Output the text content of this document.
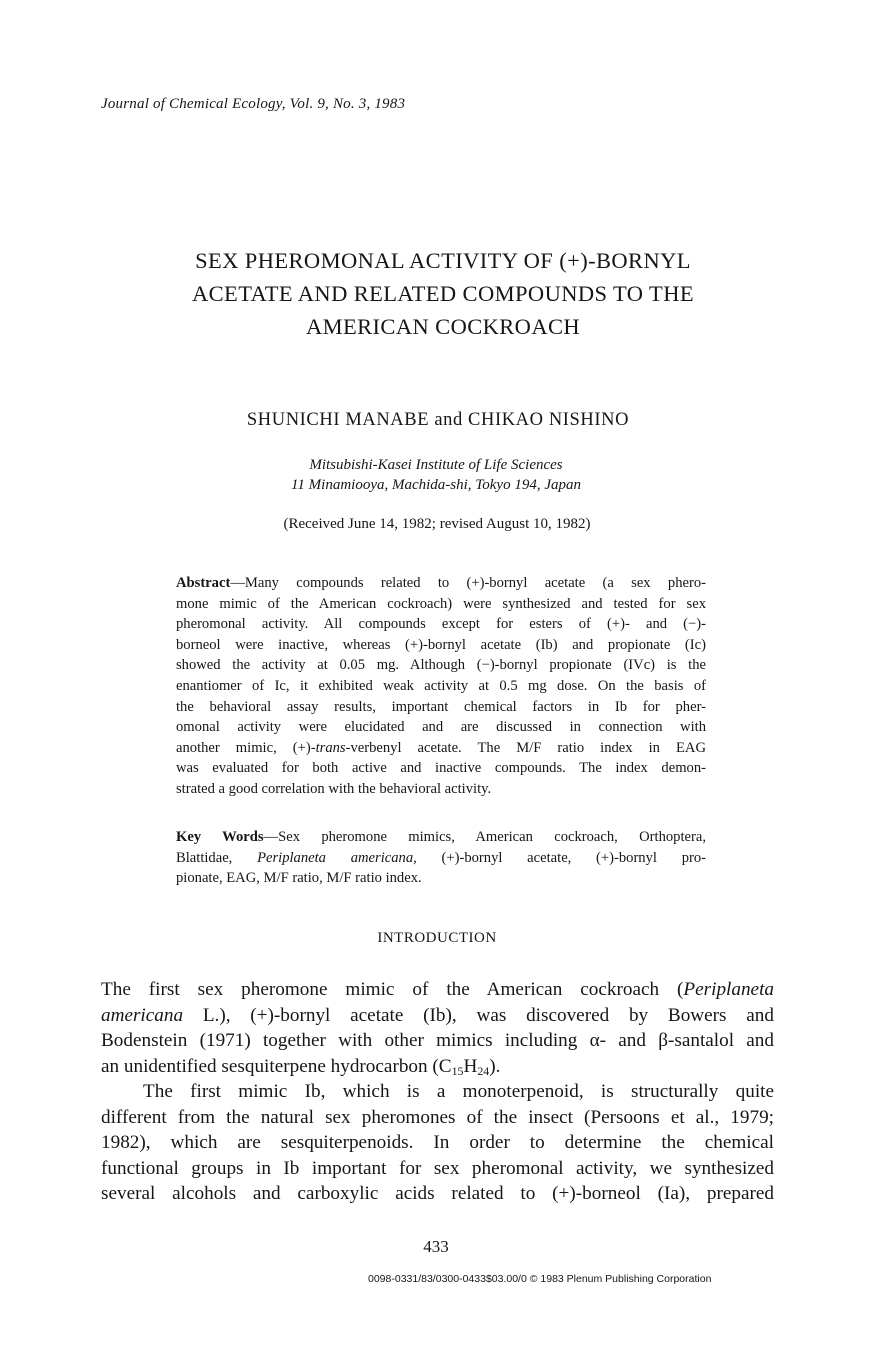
Journal of Chemical Ecology, Vol. 9, No. 3, 1983
SEX PHEROMONAL ACTIVITY OF (+)-BORNYL
ACETATE AND RELATED COMPOUNDS TO THE
AMERICAN COCKROACH
SHUNICHI MANABE and CHIKAO NISHINO
Mitsubishi-Kasei Institute of Life Sciences
11 Minamiooya, Machida-shi, Tokyo 194, Japan
(Received June 14, 1982; revised August 10, 1982)
Abstract—Many compounds related to (+)-bornyl acetate (a sex phero-
mone mimic of the American cockroach) were synthesized and tested for sex
pheromonal activity. All compounds except for esters of (+)- and (−)-
borneol were inactive, whereas (+)-bornyl acetate (Ib) and propionate (Ic)
showed the activity at 0.05 mg. Although (−)-bornyl propionate (IVc) is the
enantiomer of Ic, it exhibited weak activity at 0.5 mg dose. On the basis of
the behavioral assay results, important chemical factors in Ib for pher-
omonal activity were elucidated and are discussed in connection with
another mimic, (+)-trans-verbenyl acetate. The M/F ratio index in EAG
was evaluated for both active and inactive compounds. The index demon-
strated a good correlation with the behavioral activity.
Key Words—Sex pheromone mimics, American cockroach, Orthoptera,
Blattidae, Periplaneta americana, (+)-bornyl acetate, (+)-bornyl pro-
pionate, EAG, M/F ratio, M/F ratio index.
INTRODUCTION
The first sex pheromone mimic of the American cockroach (Periplaneta
americana L.), (+)-bornyl acetate (Ib), was discovered by Bowers and
Bodenstein (1971) together with other mimics including α- and β-santalol and
an unidentified sesquiterpene hydrocarbon $(C_{15}H_{24})$.
The first mimic Ib, which is a monoterpenoid, is structurally quite
different from the natural sex pheromones of the insect (Persoons et al., 1979;
1982), which are sesquiterpenoids. In order to determine the chemical
functional groups in Ib important for sex pheromonal activity, we synthesized
several alcohols and carboxylic acids related to (+)-borneol (Ia), prepared
433
0098-0331/83/0300-0433$03.00/0 © 1983 Plenum Publishing Corporation
